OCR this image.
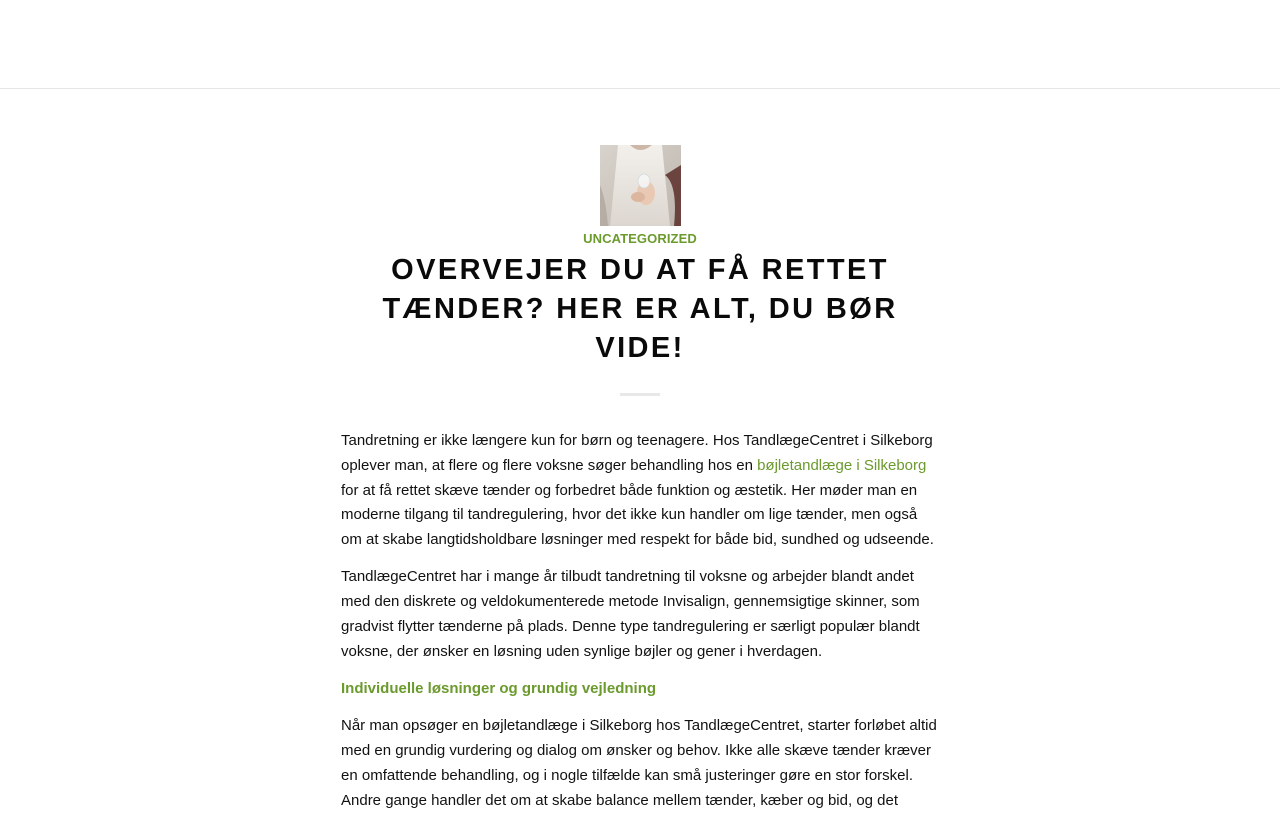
UNCATEGORIZED
OVERVEJER DU AT FÅ RETTET TÆNDER? HER ER ALT, DU BØR VIDE!

Tandretning er ikke længere kun for børn og teenagere. Hos TandlægeCentret i Silkeborg oplever man, at flere og flere voksne søger behandling hos en bøjletandlæge i Silkeborg for at få rettet skæve tænder og forbedret både funktion og æstetik. Her møder man en moderne tilgang til tandregulering, hvor det ikke kun handler om lige tænder, men også om at skabe langtidsholdbare løsninger med respekt for både bid, sundhed og udseende.

TandlægeCentret har i mange år tilbudt tandretning til voksne og arbejder blandt andet med den diskrete og veldokumenterede metode Invisalign, gennemsigtige skinner, som gradvist flytter tænderne på plads. Denne type tandregulering er særligt populær blandt voksne, der ønsker en løsning uden synlige bøjler og gener i hverdagen.

Individuelle løsninger og grundig vejledning

Når man opsøger en bøjletandlæge i Silkeborg hos TandlægeCentret, starter forløbet altid med en grundig vurdering og dialog om ønsker og behov. Ikke alle skæve tænder kræver en omfattende behandling, og i nogle tilfælde kan små justeringer gøre en stor forskel. Andre gange handler det om at skabe balance mellem tænder, kæber og bid, og det
